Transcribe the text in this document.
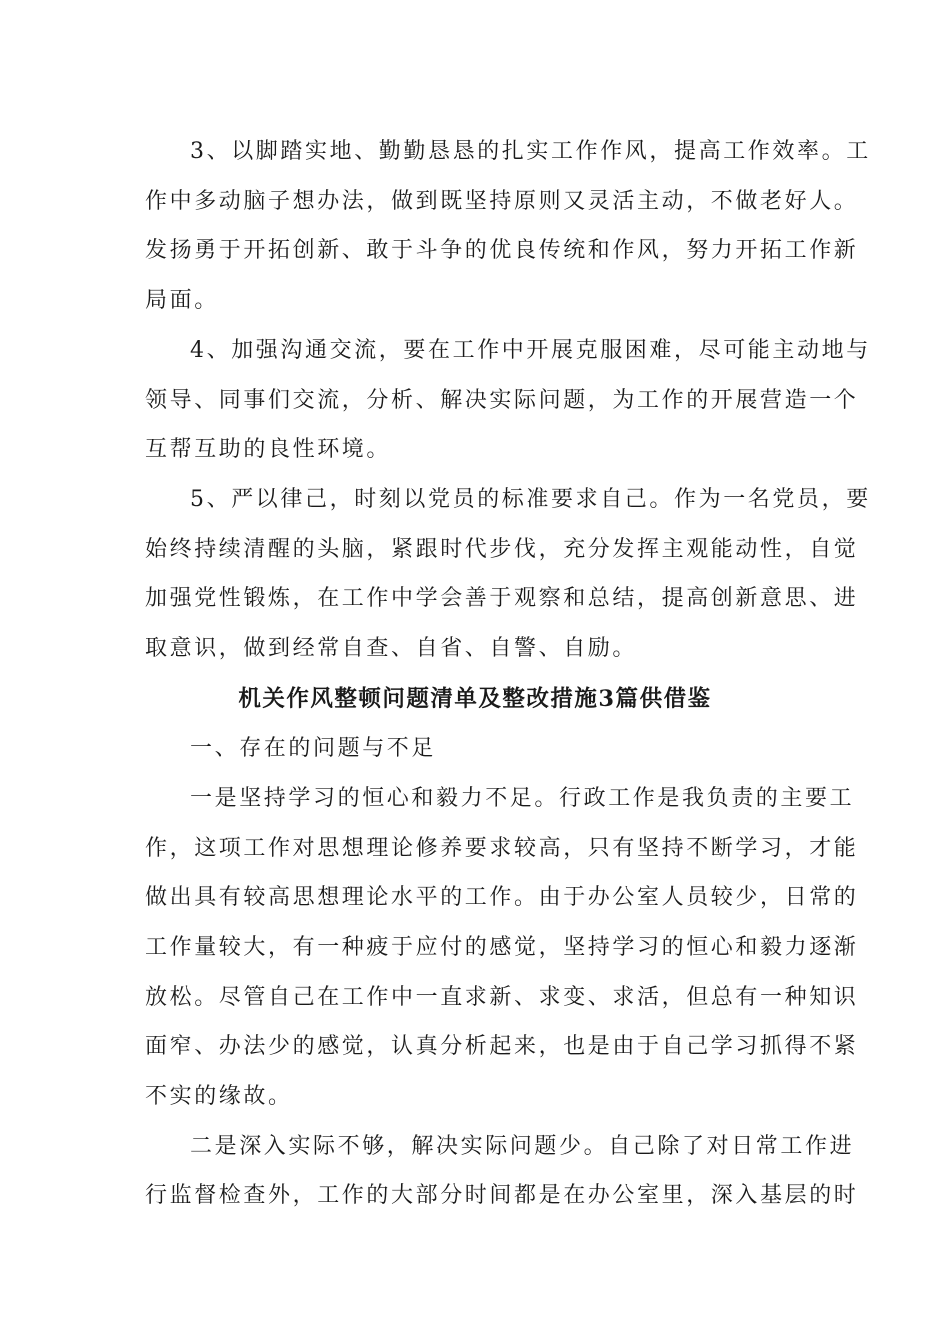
3、以脚踏实地、勤勤恳恳的扎实工作作风，提高工作效率。工
作中多动脑子想办法，做到既坚持原则又灵活主动，不做老好人。
发扬勇于开拓创新、敢于斗争的优良传统和作风，努力开拓工作新
局面。
4、加强沟通交流，要在工作中开展克服困难，尽可能主动地与
领导、同事们交流，分析、解决实际问题，为工作的开展营造一个
互帮互助的良性环境。
5、严以律己，时刻以党员的标准要求自己。作为一名党员，要
始终持续清醒的头脑，紧跟时代步伐，充分发挥主观能动性，自觉
加强党性锻炼，在工作中学会善于观察和总结，提高创新意思、进
取意识，做到经常自查、自省、自警、自励。
机关作风整顿问题清单及整改措施3篇供借鉴
一、存在的问题与不足
一是坚持学习的恒心和毅力不足。行政工作是我负责的主要工
作，这项工作对思想理论修养要求较高，只有坚持不断学习，才能
做出具有较高思想理论水平的工作。由于办公室人员较少，日常的
工作量较大，有一种疲于应付的感觉，坚持学习的恒心和毅力逐渐
放松。尽管自己在工作中一直求新、求变、求活，但总有一种知识
面窄、办法少的感觉，认真分析起来，也是由于自己学习抓得不紧
不实的缘故。
二是深入实际不够，解决实际问题少。自己除了对日常工作进
行监督检查外，工作的大部分时间都是在办公室里，深入基层的时
